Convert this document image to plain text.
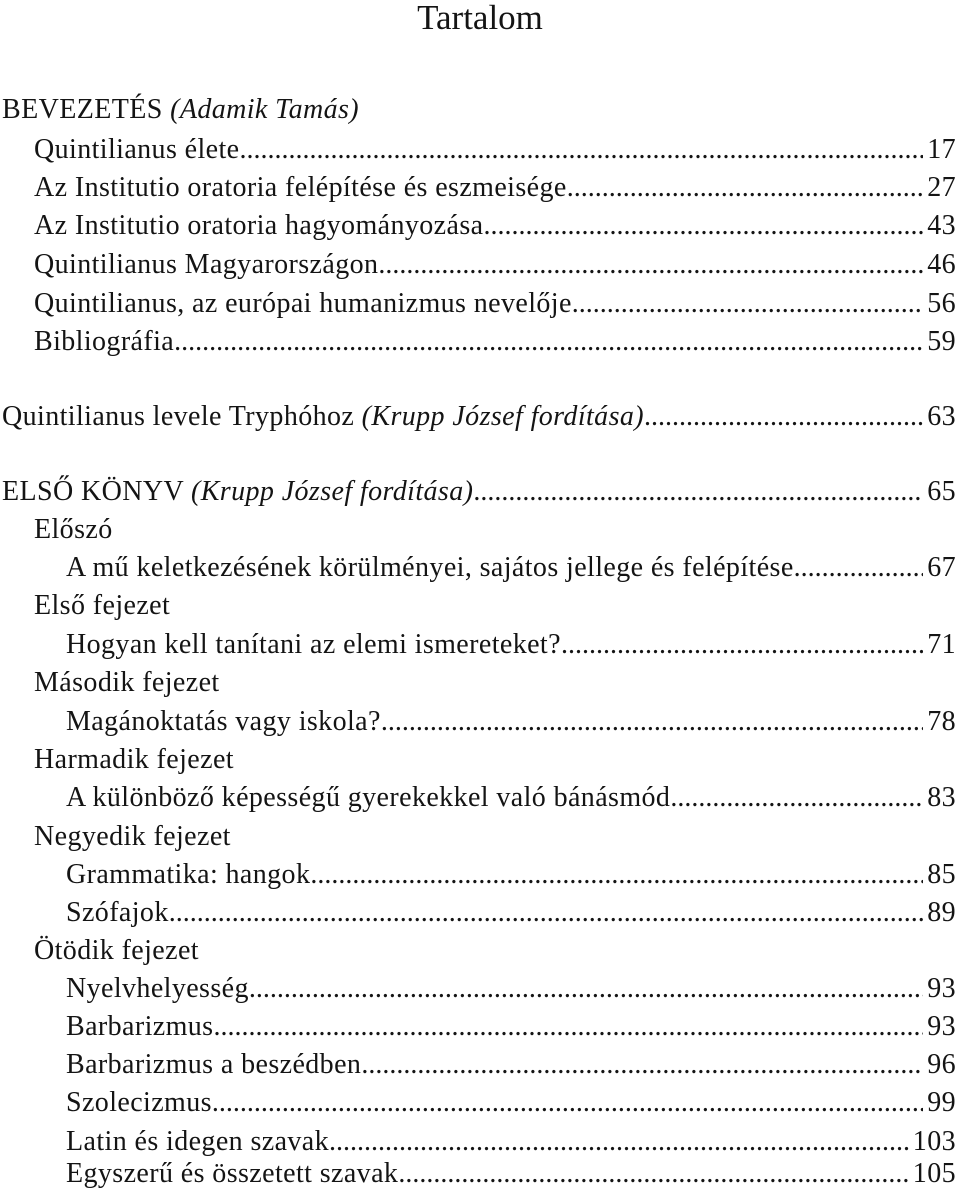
Tartalom
BEVEZETÉS (Adamik Tamás)
Quintilianus élete .....	17
Az Institutio oratoria felépítése és eszmeisége .....	27
Az Institutio oratoria hagyományozása .....	43
Quintilianus Magyarországon .....	46
Quintilianus, az európai humanizmus nevelője .....	56
Bibliográfia .....	59
Quintilianus levele Tryphóhoz (Krupp József fordítása) .....	63
ELSŐ KÖNYV (Krupp József fordítása) .....	65
Előszó
A mű keletkezésének körülményei, sajátos jellege és felépítése .....	67
Első fejezet
Hogyan kell tanítani az elemi ismereteket? .....	71
Második fejezet
Magánoktatás vagy iskola? .....	78
Harmadik fejezet
A különböző képességű gyerekekkel való bánásmód .....	83
Negyedik fejezet
Grammatika: hangok .....	85
Szófajok .....	89
Ötödik fejezet
Nyelvhelyesség .....	93
Barbarizmus .....	93
Barbarizmus a beszédben .....	96
Szolecizmus .....	99
Latin és idegen szavak .....	103
Egyszerű és összetett szavak .....	105
